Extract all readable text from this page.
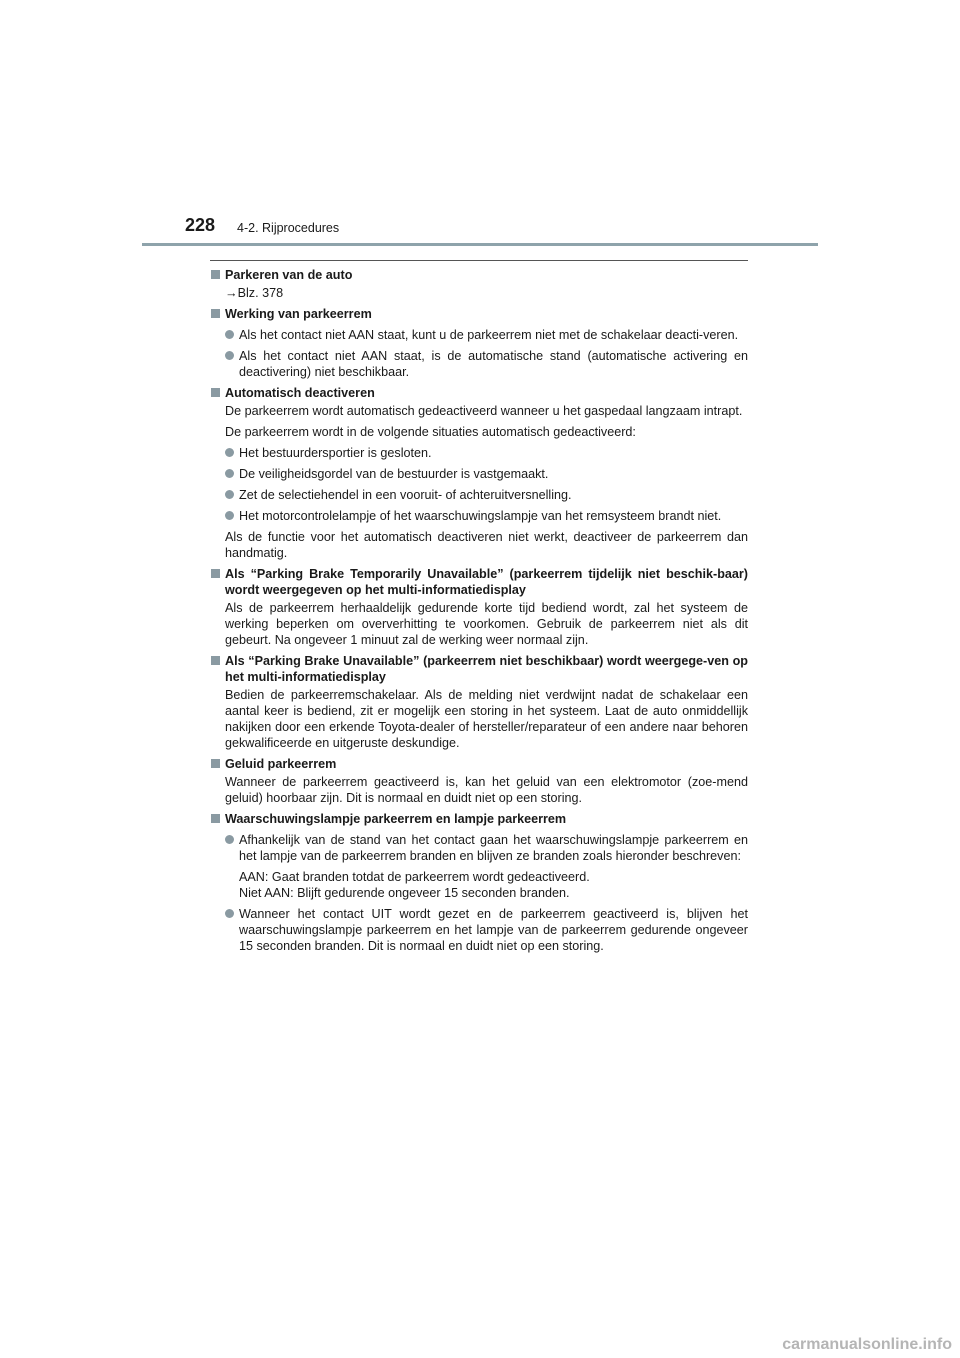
228 4-2. Rijprocedures
Parkeren van de auto
→Blz. 378
Werking van parkeerrem
Als het contact niet AAN staat, kunt u de parkeerrem niet met de schakelaar deacti-veren.
Als het contact niet AAN staat, is de automatische stand (automatische activering en deactivering) niet beschikbaar.
Automatisch deactiveren
De parkeerrem wordt automatisch gedeactiveerd wanneer u het gaspedaal langzaam intrapt.
De parkeerrem wordt in de volgende situaties automatisch gedeactiveerd:
Het bestuurdersportier is gesloten.
De veiligheidsgordel van de bestuurder is vastgemaakt.
Zet de selectiehendel in een vooruit- of achteruitversnelling.
Het motorcontrolelampje of het waarschuwingslampje van het remsysteem brandt niet.
Als de functie voor het automatisch deactiveren niet werkt, deactiveer de parkeerrem dan handmatig.
Als “Parking Brake Temporarily Unavailable” (parkeerrem tijdelijk niet beschik-baar) wordt weergegeven op het multi-informatiedisplay
Als de parkeerrem herhaaldelijk gedurende korte tijd bediend wordt, zal het systeem de werking beperken om oververhitting te voorkomen. Gebruik de parkeerrem niet als dit gebeurt. Na ongeveer 1 minuut zal de werking weer normaal zijn.
Als “Parking Brake Unavailable” (parkeerrem niet beschikbaar) wordt weergege-ven op het multi-informatiedisplay
Bedien de parkeerremschakelaar. Als de melding niet verdwijnt nadat de schakelaar een aantal keer is bediend, zit er mogelijk een storing in het systeem. Laat de auto onmiddellijk nakijken door een erkende Toyota-dealer of hersteller/reparateur of een andere naar behoren gekwalificeerde en uitgeruste deskundige.
Geluid parkeerrem
Wanneer de parkeerrem geactiveerd is, kan het geluid van een elektromotor (zoe-mend geluid) hoorbaar zijn. Dit is normaal en duidt niet op een storing.
Waarschuwingslampje parkeerrem en lampje parkeerrem
Afhankelijk van de stand van het contact gaan het waarschuwingslampje parkeerrem en het lampje van de parkeerrem branden en blijven ze branden zoals hieronder beschreven:
AAN: Gaat branden totdat de parkeerrem wordt gedeactiveerd.
Niet AAN: Blijft gedurende ongeveer 15 seconden branden.
Wanneer het contact UIT wordt gezet en de parkeerrem geactiveerd is, blijven het waarschuwingslampje parkeerrem en het lampje van de parkeerrem gedurende ongeveer 15 seconden branden. Dit is normaal en duidt niet op een storing.
carmanualsonline.info
